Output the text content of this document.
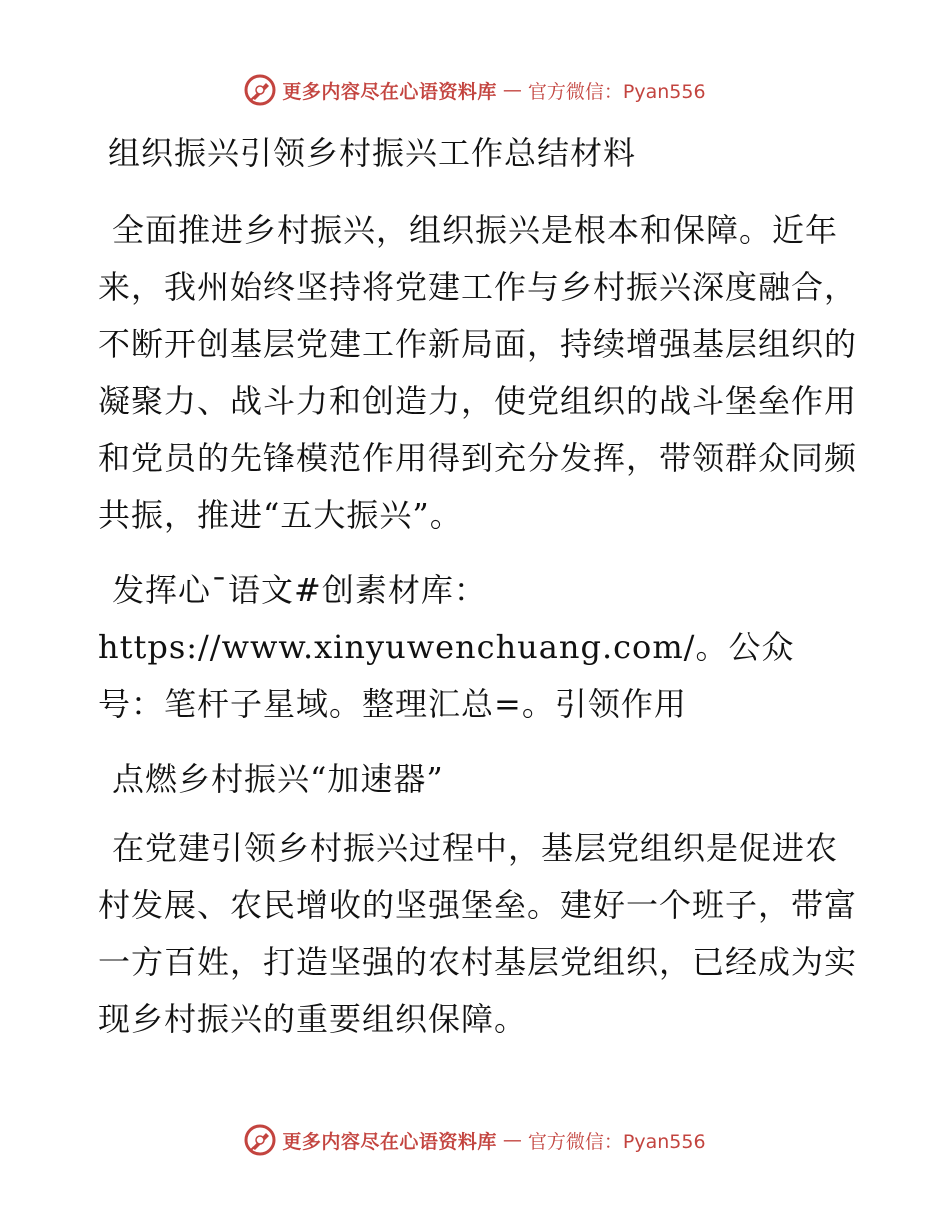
更多内容尽在心语资料库 — 官方微信：Pyan556

组织振兴引领乡村振兴工作总结材料

全面推进乡村振兴，组织振兴是根本和保障。近年来，我州始终坚持将党建工作与乡村振兴深度融合，不断开创基层党建工作新局面，持续增强基层组织的凝聚力、战斗力和创造力，使党组织的战斗堡垒作用和党员的先锋模范作用得到充分发挥，带领群众同频共振，推进“五大振兴”。

发挥心¯语文#创素材库：https://www.xinyuwenchuang.com/。公众号：笔杆子星域。整理汇总=。引领作用

点燃乡村振兴“加速器”

在党建引领乡村振兴过程中，基层党组织是促进农村发展、农民增收的坚强堡垒。建好一个班子，带富一方百姓，打造坚强的农村基层党组织，已经成为实现乡村振兴的重要组织保障。

更多内容尽在心语资料库 — 官方微信：Pyan556
